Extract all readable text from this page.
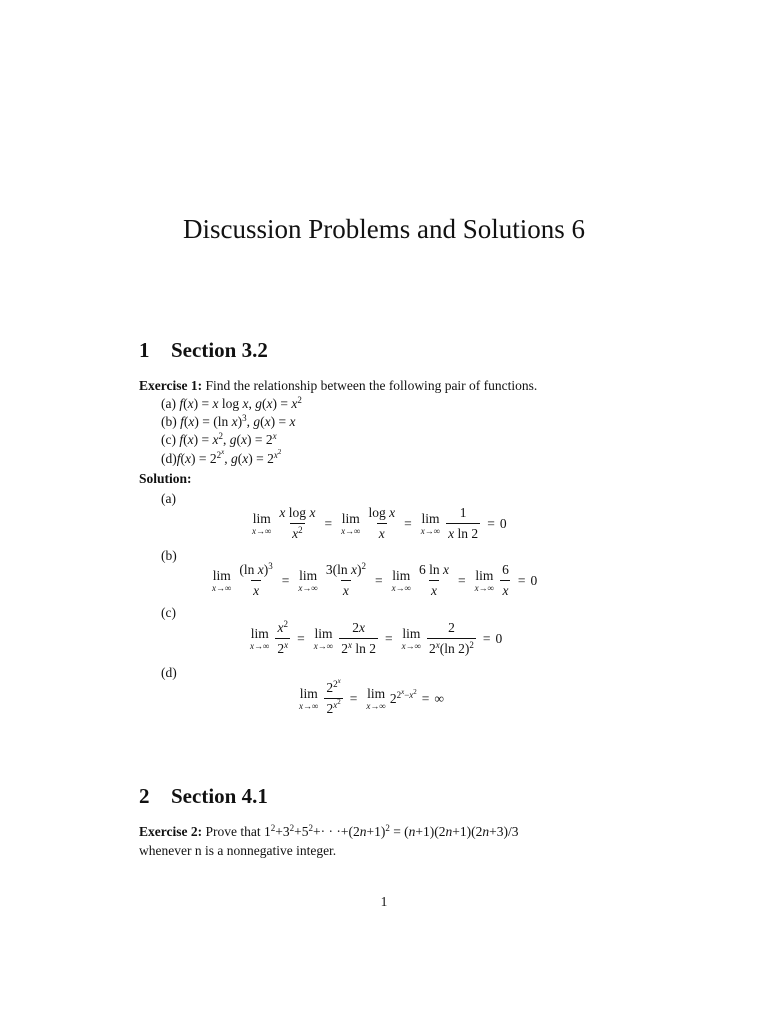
Discussion Problems and Solutions 6
1 Section 3.2
Exercise 1: Find the relationship between the following pair of functions.
(a) f(x) = x log x, $g(x) = x^2$
(b) f(x) = (ln x)$^3$, g(x) = x
(c) $f(x) = x^2$, $g(x) = 2^x$
$(d)f(x) = 2^{2^x}$, $g(x) = 2^{x^2}$
Solution:
(a)
lim
$x\to\infty \frac{\text{x log x}}{x^2} = \lim$
$x\to\infty \frac{\text{log x}}{x} = \lim$
$x\to\infty \frac{1}{\text{x ln 2}} = 0$
(b)
lim
$x\to\infty \frac{(\ln x)^3}{x} = \lim$
$x\to\infty \frac{3(\ln x)^2}{x} = \lim$
$x\to\infty \frac{\text{6 ln x}}{x} = \lim$
$x\to\infty \frac{6}{x} = 0$
(c)
lim
$x\to\infty \frac{x^2}{2^x} = \lim$
$x\to\infty \frac{2x}{2^x \ln 2} = \lim$
$x\to\infty \frac{2}{2^x(\ln 2)^2} = 0$
(d)
lim
$x\to\infty \frac{2^{2^x}}{2^{x^2}} = \lim$
x→∞
$2^{2^x-x^2}$ = ∞
2 Section 4.1
Exercise 2: Prove that $1^2+3^2+5^2+\cdot \cdot \cdot+(2n+1)^2 = (n+1)(2n+1)(2n+3)/3$
whenever n is a nonnegative integer.
1
